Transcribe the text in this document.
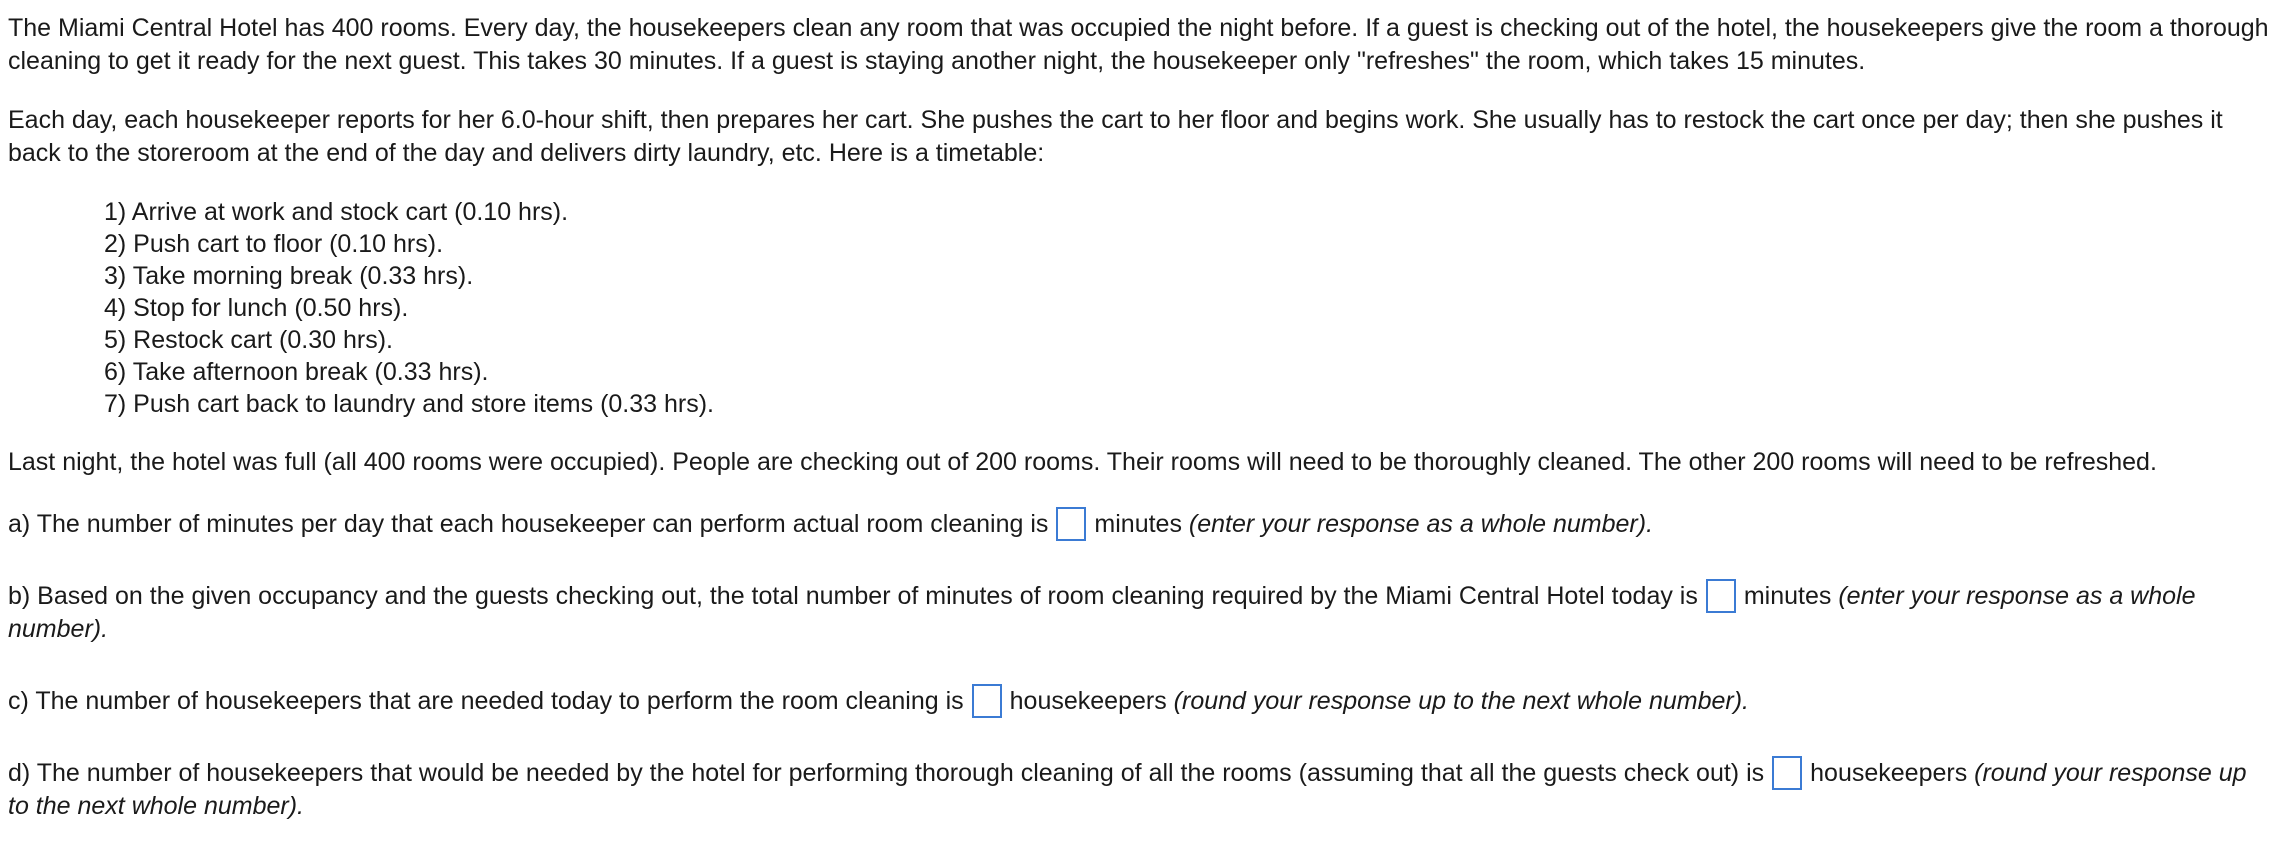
The Miami Central Hotel has 400 rooms. Every day, the housekeepers clean any room that was occupied the night before. If a guest is checking out of the hotel, the housekeepers give the room a thorough cleaning to get it ready for the next guest. This takes 30 minutes. If a guest is staying another night, the housekeeper only "refreshes" the room, which takes 15 minutes.

Each day, each housekeeper reports for her 6.0-hour shift, then prepares her cart. She pushes the cart to her floor and begins work. She usually has to restock the cart once per day; then she pushes it back to the storeroom at the end of the day and delivers dirty laundry, etc. Here is a timetable:

1) Arrive at work and stock cart (0.10 hrs).
2) Push cart to floor (0.10 hrs).
3) Take morning break (0.33 hrs).
4) Stop for lunch (0.50 hrs).
5) Restock cart (0.30 hrs).
6) Take afternoon break (0.33 hrs).
7) Push cart back to laundry and store items (0.33 hrs).

Last night, the hotel was full (all 400 rooms were occupied). People are checking out of 200 rooms. Their rooms will need to be thoroughly cleaned. The other 200 rooms will need to be refreshed.

a) The number of minutes per day that each housekeeper can perform actual room cleaning is minutes (enter your response as a whole number).

b) Based on the given occupancy and the guests checking out, the total number of minutes of room cleaning required by the Miami Central Hotel today is minutes (enter your response as a whole number).

c) The number of housekeepers that are needed today to perform the room cleaning is housekeepers (round your response up to the next whole number).

d) The number of housekeepers that would be needed by the hotel for performing thorough cleaning of all the rooms (assuming that all the guests check out) is housekeepers (round your response up to the next whole number).
